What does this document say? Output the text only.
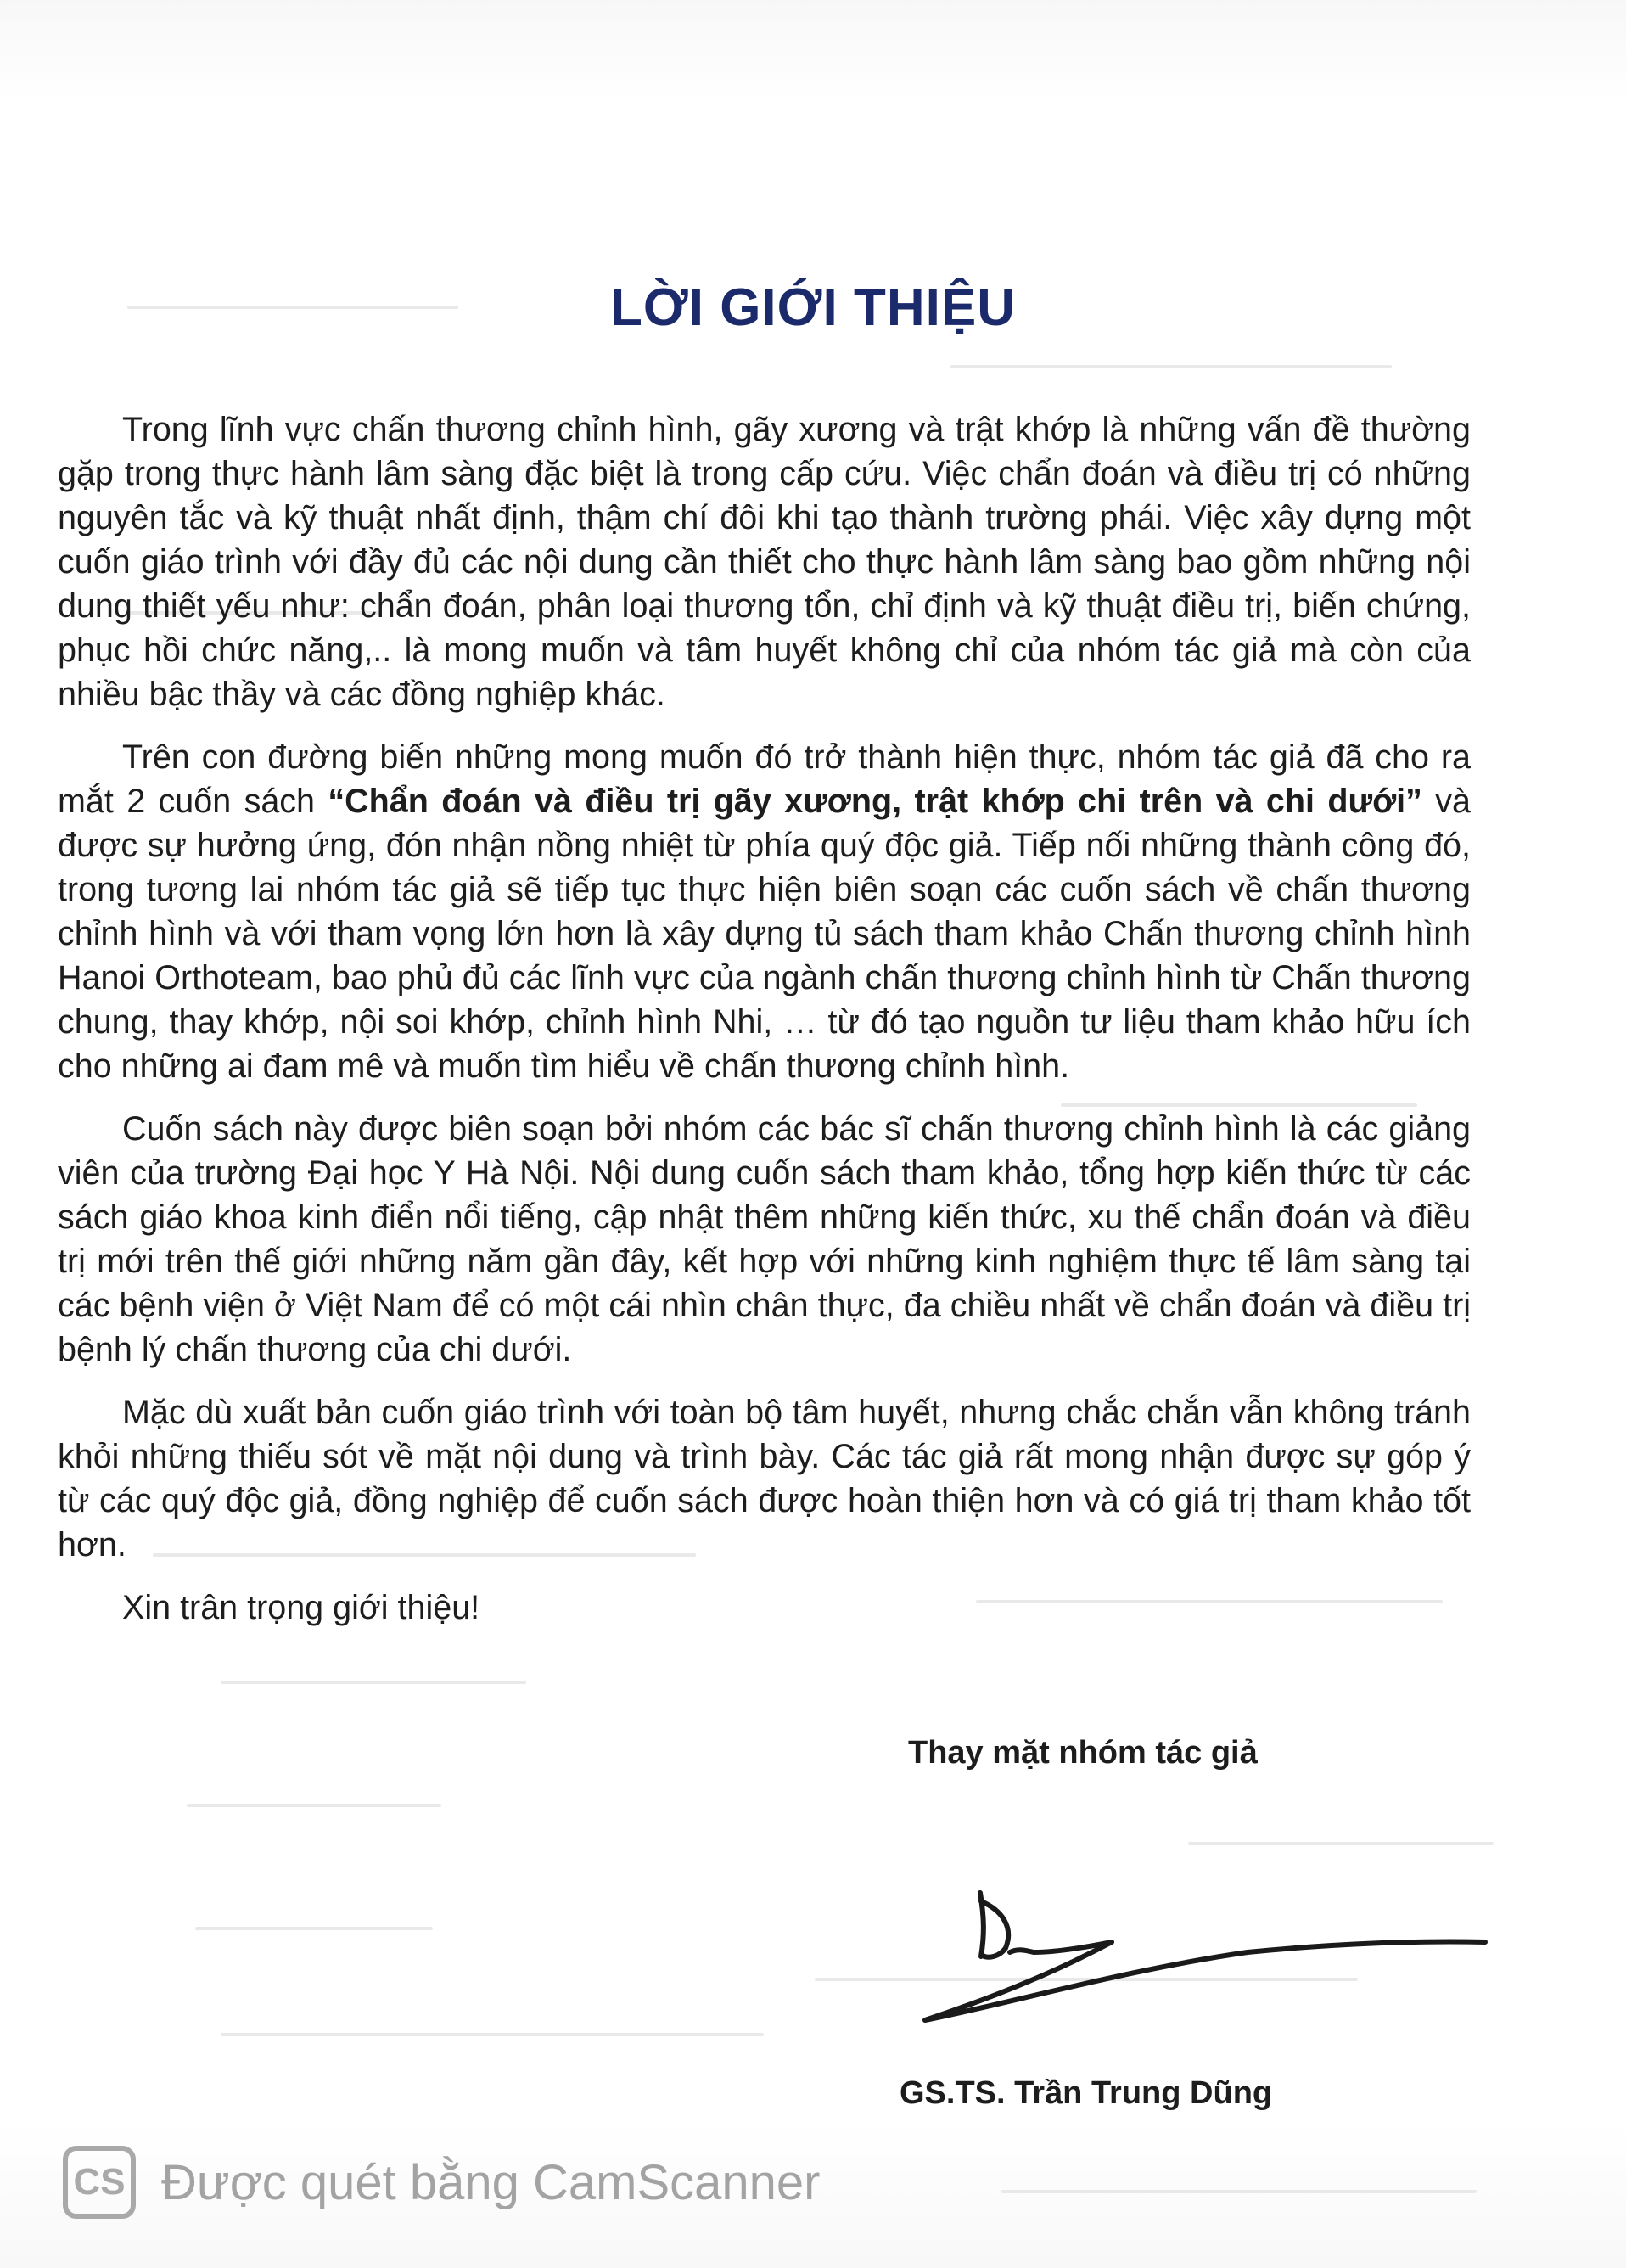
LỜI GIỚI THIỆU

Trong lĩnh vực chấn thương chỉnh hình, gãy xương và trật khớp là những vấn đề thường gặp trong thực hành lâm sàng đặc biệt là trong cấp cứu. Việc chẩn đoán và điều trị có những nguyên tắc và kỹ thuật nhất định, thậm chí đôi khi tạo thành trường phái. Việc xây dựng một cuốn giáo trình với đầy đủ các nội dung cần thiết cho thực hành lâm sàng bao gồm những nội dung thiết yếu như: chẩn đoán, phân loại thương tổn, chỉ định và kỹ thuật điều trị, biến chứng, phục hồi chức năng,.. là mong muốn và tâm huyết không chỉ của nhóm tác giả mà còn của nhiều bậc thầy và các đồng nghiệp khác.

Trên con đường biến những mong muốn đó trở thành hiện thực, nhóm tác giả đã cho ra mắt 2 cuốn sách “Chẩn đoán và điều trị gãy xương, trật khớp chi trên và chi dưới” và được sự hưởng ứng, đón nhận nồng nhiệt từ phía quý độc giả. Tiếp nối những thành công đó, trong tương lai nhóm tác giả sẽ tiếp tục thực hiện biên soạn các cuốn sách về chấn thương chỉnh hình và với tham vọng lớn hơn là xây dựng tủ sách tham khảo Chấn thương chỉnh hình Hanoi Orthoteam, bao phủ đủ các lĩnh vực của ngành chấn thương chỉnh hình từ Chấn thương chung, thay khớp, nội soi khớp, chỉnh hình Nhi, … từ đó tạo nguồn tư liệu tham khảo hữu ích cho những ai đam mê và muốn tìm hiểu về chấn thương chỉnh hình.

Cuốn sách này được biên soạn bởi nhóm các bác sĩ chấn thương chỉnh hình là các giảng viên của trường Đại học Y Hà Nội. Nội dung cuốn sách tham khảo, tổng hợp kiến thức từ các sách giáo khoa kinh điển nổi tiếng, cập nhật thêm những kiến thức, xu thế chẩn đoán và điều trị mới trên thế giới những năm gần đây, kết hợp với những kinh nghiệm thực tế lâm sàng tại các bệnh viện ở Việt Nam để có một cái nhìn chân thực, đa chiều nhất về chẩn đoán và điều trị bệnh lý chấn thương của chi dưới.

Mặc dù xuất bản cuốn giáo trình với toàn bộ tâm huyết, nhưng chắc chắn vẫn không tránh khỏi những thiếu sót về mặt nội dung và trình bày. Các tác giả rất mong nhận được sự góp ý từ các quý độc giả, đồng nghiệp để cuốn sách được hoàn thiện hơn và có giá trị tham khảo tốt hơn.

Xin trân trọng giới thiệu!

Thay mặt nhóm tác giả
GS.TS. Trần Trung Dũng
CS Được quét bằng CamScanner
